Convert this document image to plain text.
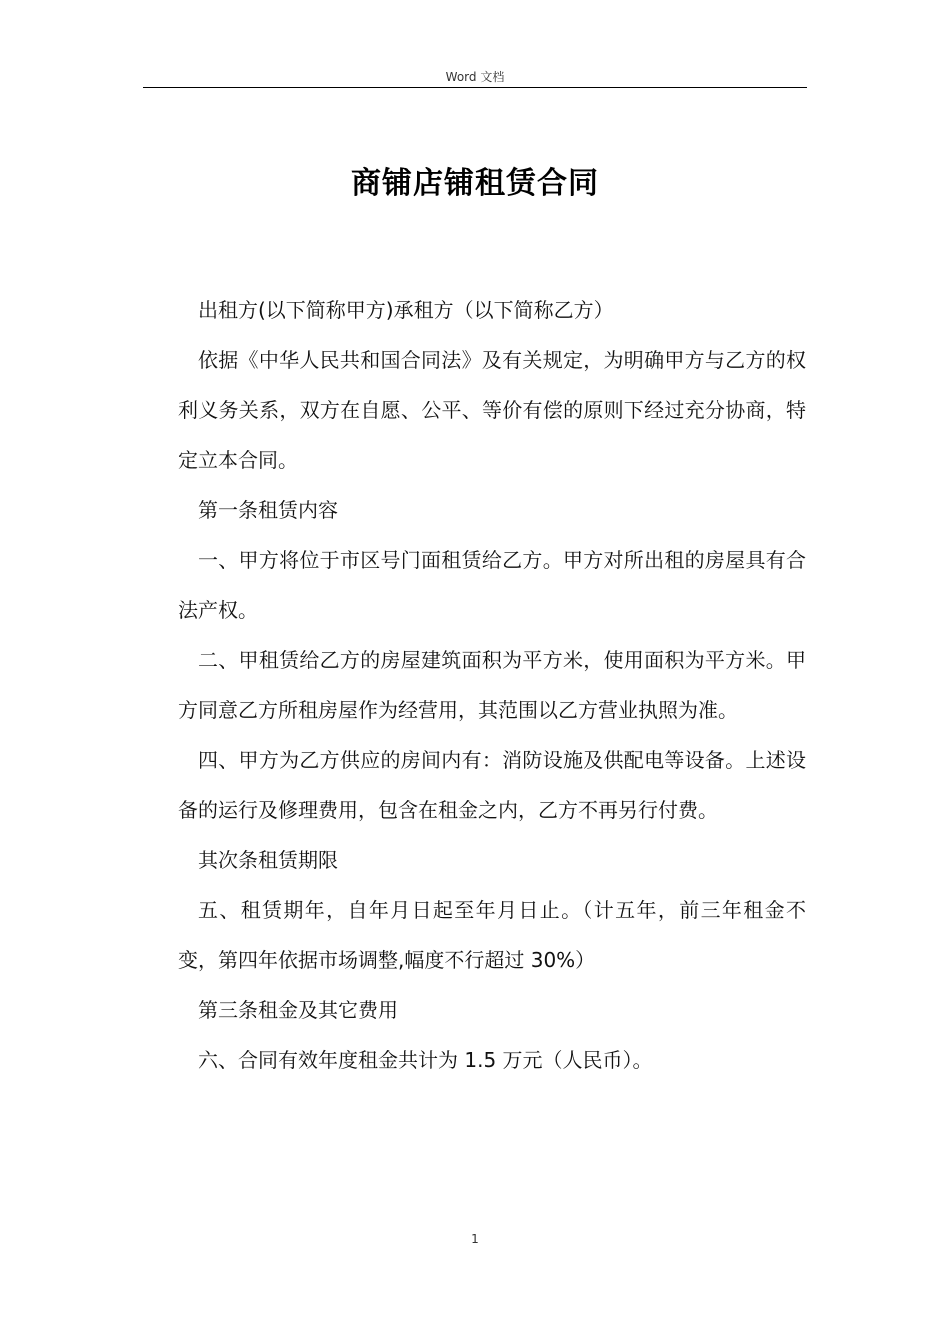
Word 文档
商铺店铺租赁合同

出租方(以下简称甲方)承租方（以下简称乙方）

依据《中华人民共和国合同法》及有关规定，为明确甲方与乙方的权利义务关系，双方在自愿、公平、等价有偿的原则下经过充分协商，特定立本合同。

第一条租赁内容

一、甲方将位于市区号门面租赁给乙方。甲方对所出租的房屋具有合法产权。

二、甲租赁给乙方的房屋建筑面积为平方米，使用面积为平方米。甲方同意乙方所租房屋作为经营用，其范围以乙方营业执照为准。

四、甲方为乙方供应的房间内有：消防设施及供配电等设备。上述设备的运行及修理费用，包含在租金之内，乙方不再另行付费。

其次条租赁期限

五、租赁期年，自年月日起至年月日止。（计五年，前三年租金不变，第四年依据市场调整,幅度不行超过 30%）

第三条租金及其它费用

六、合同有效年度租金共计为 1.5 万元（人民币）。

1
